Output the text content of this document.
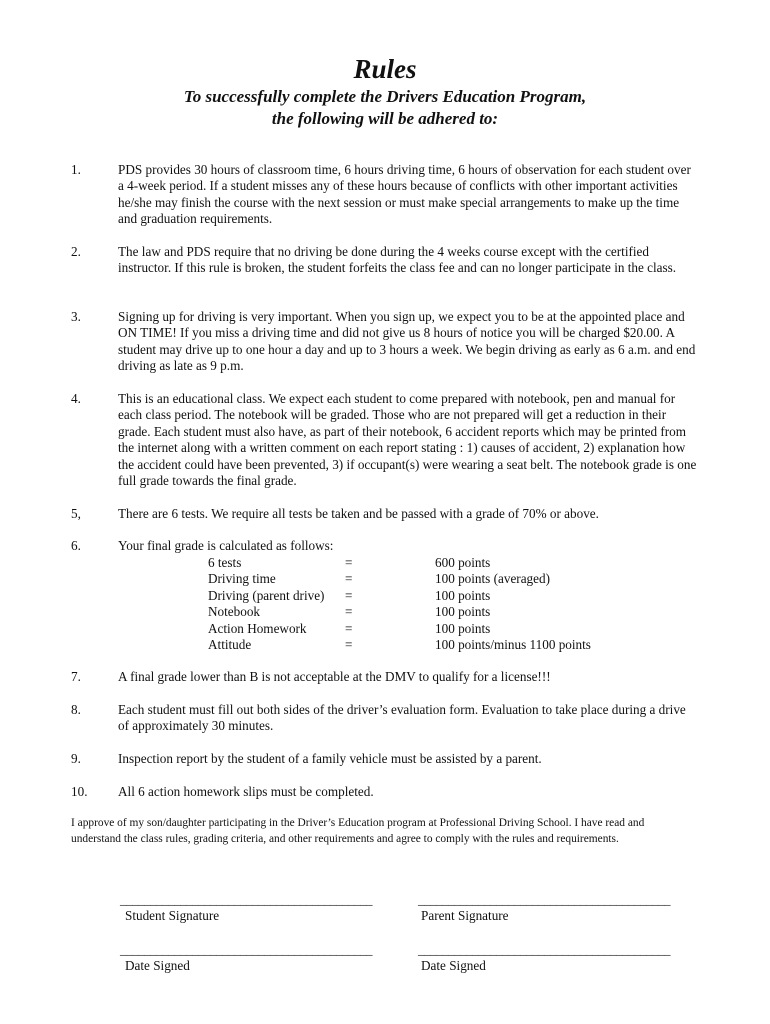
Rules
To successfully complete the Drivers Education Program,
the following will be adhered to:
1.	PDS provides 30 hours of classroom time, 6 hours driving time, 6 hours of observation for each student over a 4-week period. If a student misses any of these hours because of conflicts with other important activities he/she may finish the course with the next session or must make special arrangements to make up the time and graduation requirements.
2.	The law and PDS require that no driving be done during the 4 weeks course except with the certified instructor. If this rule is broken, the student forfeits the class fee and can no longer participate in the class.
3.	Signing up for driving is very important. When you sign up, we expect you to be at the appointed place and ON TIME! If you miss a driving time and did not give us 8 hours of notice you will be charged $20.00. A student may drive up to one hour a day and up to 3 hours a week. We begin driving as early as 6 a.m. and end driving as late as 9 p.m.
4.	This is an educational class. We expect each student to come prepared with notebook, pen and manual for each class period. The notebook will be graded. Those who are not prepared will get a reduction in their grade. Each student must also have, as part of their notebook, 6 accident reports which may be printed from the internet along with a written comment on each report stating : 1) causes of accident, 2) explanation how the accident could have been prevented, 3) if occupant(s) were wearing a seat belt. The notebook grade is one full grade towards the final grade.
5,	There are 6 tests. We require all tests be taken and be passed with a grade of 70% or above.
6.	Your final grade is calculated as follows:
6 tests	=	600 points
Driving time	=	100 points (averaged)
Driving (parent drive)	=	100 points
Notebook	=	100 points
Action Homework	=	100 points
Attitude	=	100 points/minus 1100 points
7.	A final grade lower than B is not acceptable at the DMV to qualify for a license!!!
8.	Each student must fill out both sides of the driver’s evaluation form. Evaluation to take place during a drive of approximately 30 minutes.
9.	Inspection report by the student of a family vehicle must be assisted by a parent.
10. All 6 action homework slips must be completed.
I approve of my son/daughter participating in the Driver’s Education program at Professional Driving School. I have read and understand the class rules, grading criteria, and other requirements and agree to comply with the rules and requirements.
__________________________________________	__________________________________________
Student Signature	Parent Signature
__________________________________________	__________________________________________
Date Signed	Date Signed
